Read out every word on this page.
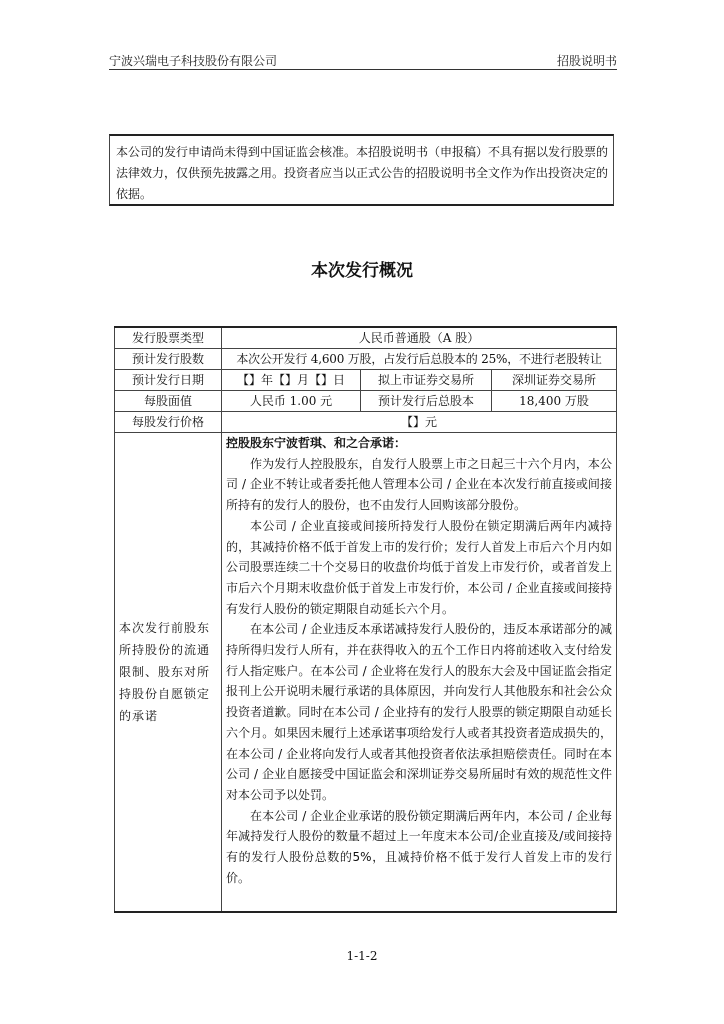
宁波兴瑞电子科技股份有限公司	招股说明书
本公司的发行申请尚未得到中国证监会核准。本招股说明书（申报稿）不具有据以发行股票的法律效力，仅供预先披露之用。投资者应当以正式公告的招股说明书全文作为作出投资决定的依据。
本次发行概况
发行股票类型	人民币普通股（A 股）		
预计发行股数	本次公开发行 4,600 万股，占发行后总股本的 25%，不进行老股转让		
预计发行日期	【】年【】月【】日	拟上市证券交易所	深圳证券交易所
每股面值	人民币 1.00 元	预计发行后总股本	18,400 万股
每股发行价格	【】元		
本次发行前股东所持股份的流通限制、股东对所持股份自愿锁定的承诺	控股股东宁波哲琪、和之合承诺：

作为发行人控股股东，自发行人股票上市之日起三十六个月内，本公司 / 企业不转让或者委托他人管理本公司 / 企业在本次发行前直接或间接所持有的发行人的股份，也不由发行人回购该部分股份。

本公司 / 企业直接或间接所持发行人股份在锁定期满后两年内减持的，其减持价格不低于首发上市的发行价；发行人首发上市后六个月内如公司股票连续二十个交易日的收盘价均低于首发上市发行价，或者首发上市后六个月期末收盘价低于首发上市发行价，本公司 / 企业直接或间接持有发行人股份的锁定期限自动延长六个月。

在本公司 / 企业违反本承诺减持发行人股份的，违反本承诺部分的减持所得归发行人所有，并在获得收入的五个工作日内将前述收入支付给发行人指定账户。在本公司 / 企业将在发行人的股东大会及中国证监会指定报刊上公开说明未履行承诺的具体原因，并向发行人其他股东和社会公众投资者道歉。同时在本公司 / 企业持有的发行人股票的锁定期限自动延长六个月。如果因未履行上述承诺事项给发行人或者其投资者造成损失的，在本公司 / 企业将向发行人或者其他投资者依法承担赔偿责任。同时在本公司 / 企业自愿接受中国证监会和深圳证券交易所届时有效的规范性文件对本公司予以处罚。

在本公司 / 企业企业承诺的股份锁定期满后两年内，本公司 / 企业每年减持发行人股份的数量不超过上一年度末本公司/企业直接及/或间接持有的发行人股份总数的5%，且减持价格不低于发行人首发上市的发行价。		

1-1-2
